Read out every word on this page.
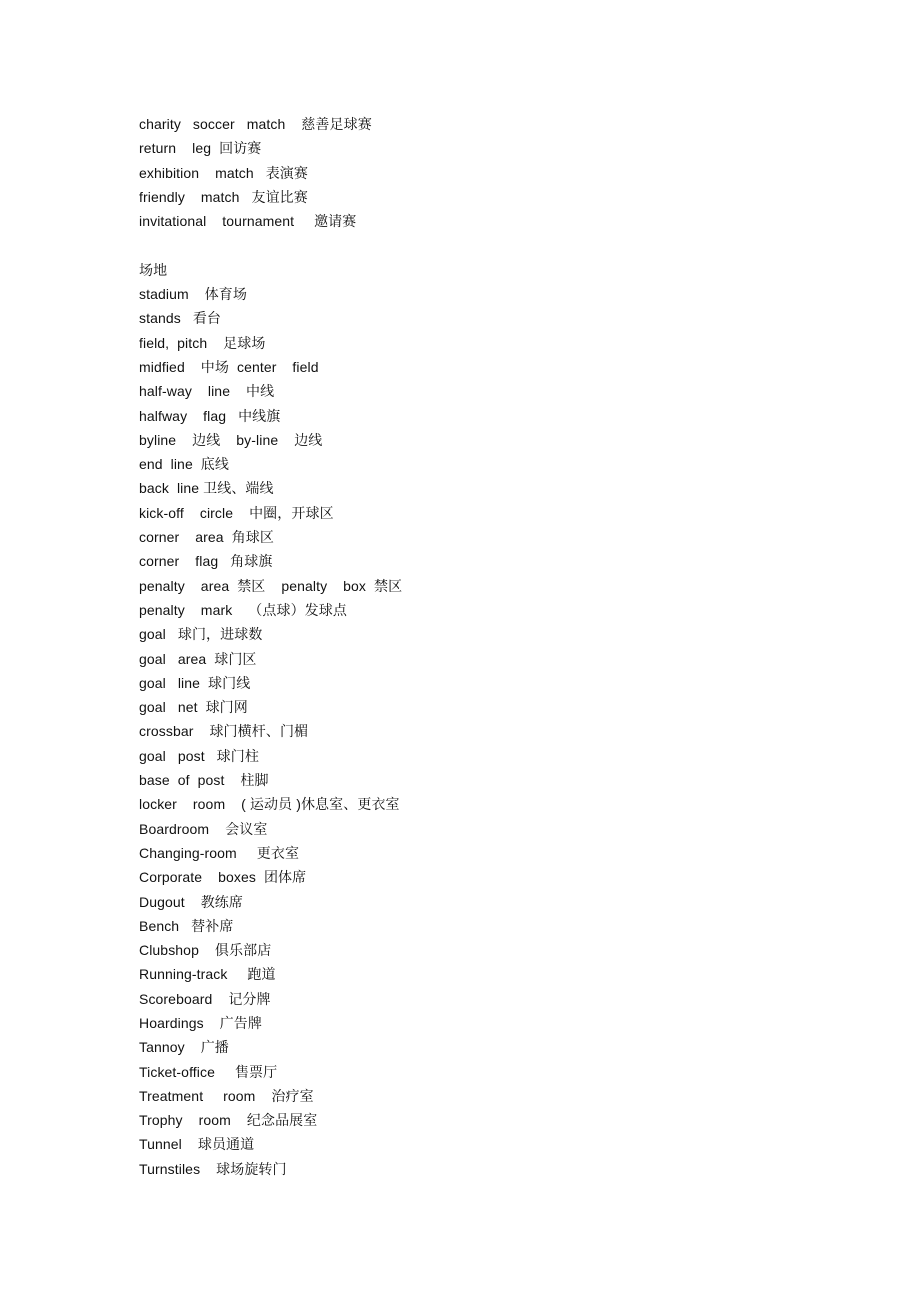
charity   soccer   match    慈善足球赛
return    leg  回访赛
exhibition    match   表演赛
friendly    match   友谊比赛
invitational    tournament     邀请赛
场地
stadium    体育场
stands   看台
field,  pitch    足球场
midfied    中场  center    field
half-way    line    中线
halfway    flag   中线旗
byline    边线    by-line    边线
end  line  底线
back  line 卫线、端线
kick-off    circle    中圈，开球区
corner    area  角球区
corner    flag   角球旗
penalty    area  禁区    penalty    box  禁区
penalty    mark    （点球）发球点
goal   球门，进球数
goal   area  球门区
goal   line  球门线
goal   net  球门网
crossbar    球门横杆、门楣
goal   post   球门柱
base  of  post    柱脚
locker    room    ( 运动员 )休息室、更衣室
Boardroom    会议室
Changing-room     更衣室
Corporate    boxes  团体席
Dugout    教练席
Bench   替补席
Clubshop    俱乐部店
Running-track     跑道
Scoreboard    记分牌
Hoardings    广告牌
Tannoy    广播
Ticket-office     售票厅
Treatment     room    治疗室
Trophy    room    纪念品展室
Tunnel    球员通道
Turnstiles    球场旋转门
